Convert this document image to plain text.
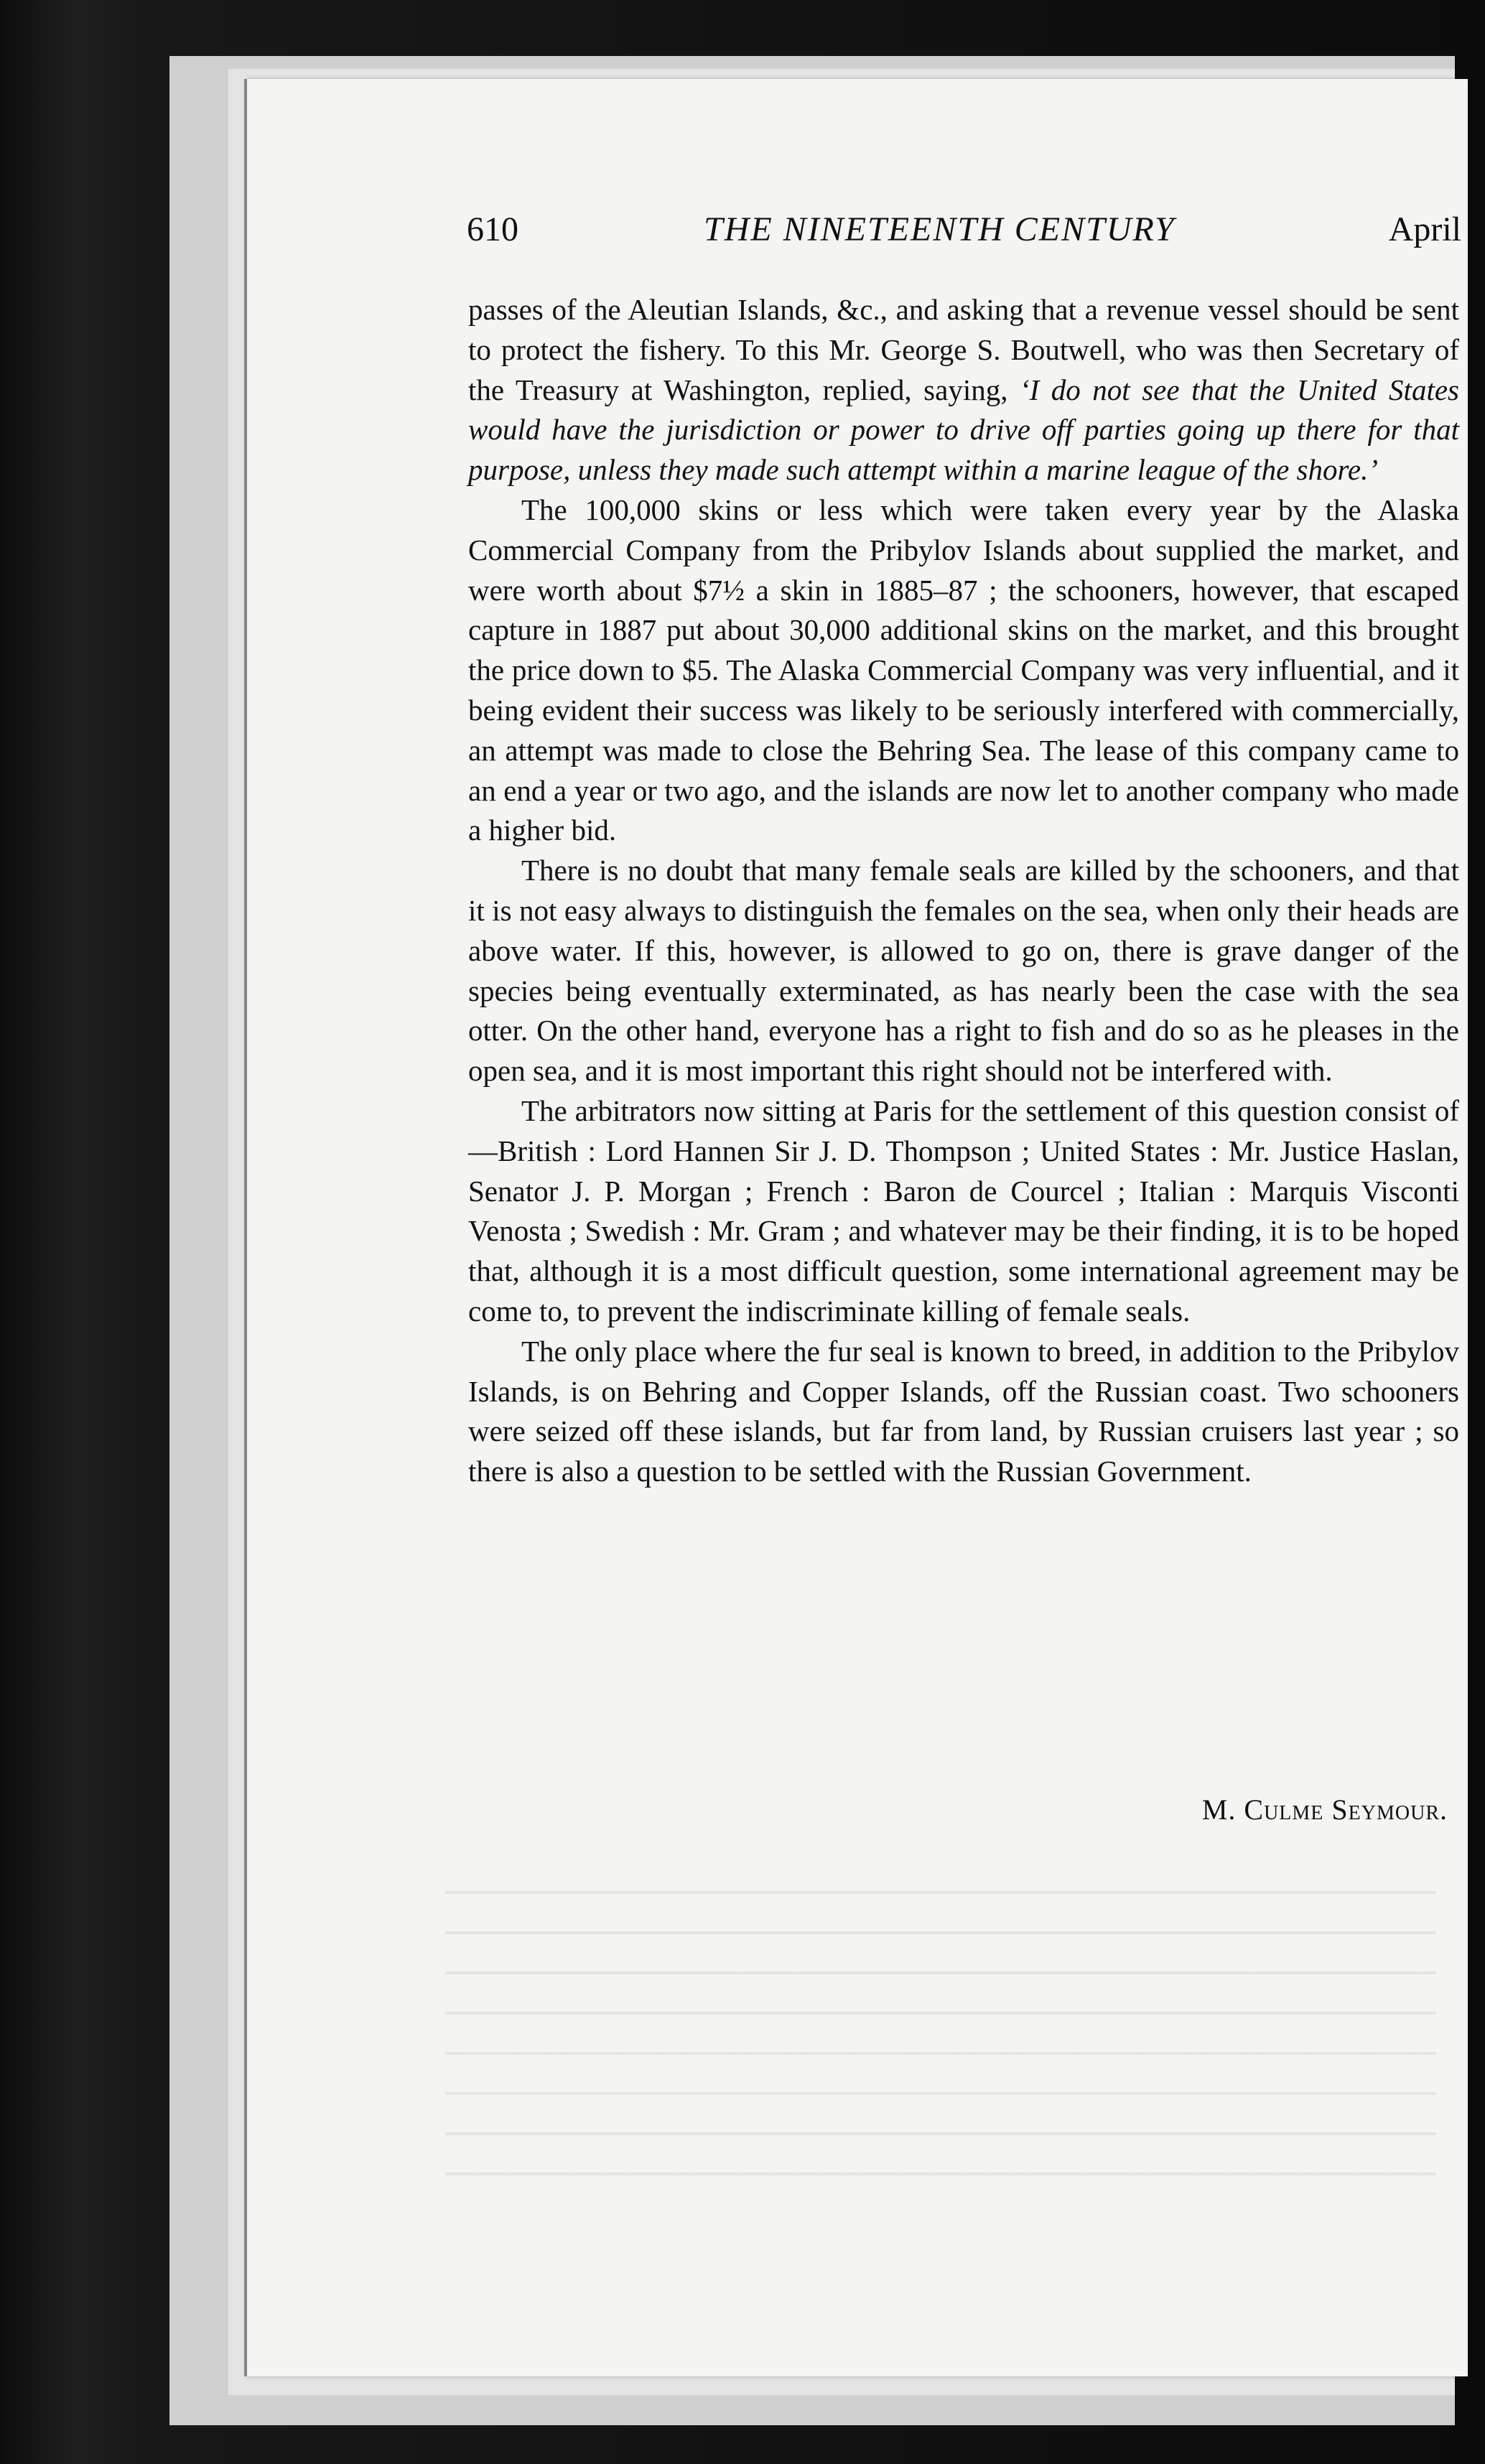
610	THE NINETEENTH CENTURY	April

passes of the Aleutian Islands, &c., and asking that a revenue vessel should be sent to protect the fishery. To this Mr. George S. Boutwell, who was then Secretary of the Treasury at Washington, replied, saying, ‘I do not see that the United States would have the jurisdiction or power to drive off parties going up there for that purpose, unless they made such attempt within a marine league of the shore.’

The 100,000 skins or less which were taken every year by the Alaska Commercial Company from the Pribylov Islands about supplied the market, and were worth about $7½ a skin in 1885–87 ; the schooners, however, that escaped capture in 1887 put about 30,000 additional skins on the market, and this brought the price down to $5. The Alaska Commercial Company was very influential, and it being evident their success was likely to be seriously interfered with commercially, an attempt was made to close the Behring Sea. The lease of this company came to an end a year or two ago, and the islands are now let to another company who made a higher bid.

There is no doubt that many female seals are killed by the schooners, and that it is not easy always to distinguish the females on the sea, when only their heads are above water. If this, however, is allowed to go on, there is grave danger of the species being eventually exterminated, as has nearly been the case with the sea otter. On the other hand, everyone has a right to fish and do so as he pleases in the open sea, and it is most important this right should not be interfered with.

The arbitrators now sitting at Paris for the settlement of this question consist of—British : Lord Hannen Sir J. D. Thompson ; United States : Mr. Justice Haslan, Senator J. P. Morgan ; French : Baron de Courcel ; Italian : Marquis Visconti Venosta ; Swedish : Mr. Gram ; and whatever may be their finding, it is to be hoped that, although it is a most difficult question, some international agreement may be come to, to prevent the indiscriminate killing of female seals.

The only place where the fur seal is known to breed, in addition to the Pribylov Islands, is on Behring and Copper Islands, off the Russian coast. Two schooners were seized off these islands, but far from land, by Russian cruisers last year ; so there is also a question to be settled with the Russian Government.

M. Culme Seymour.
